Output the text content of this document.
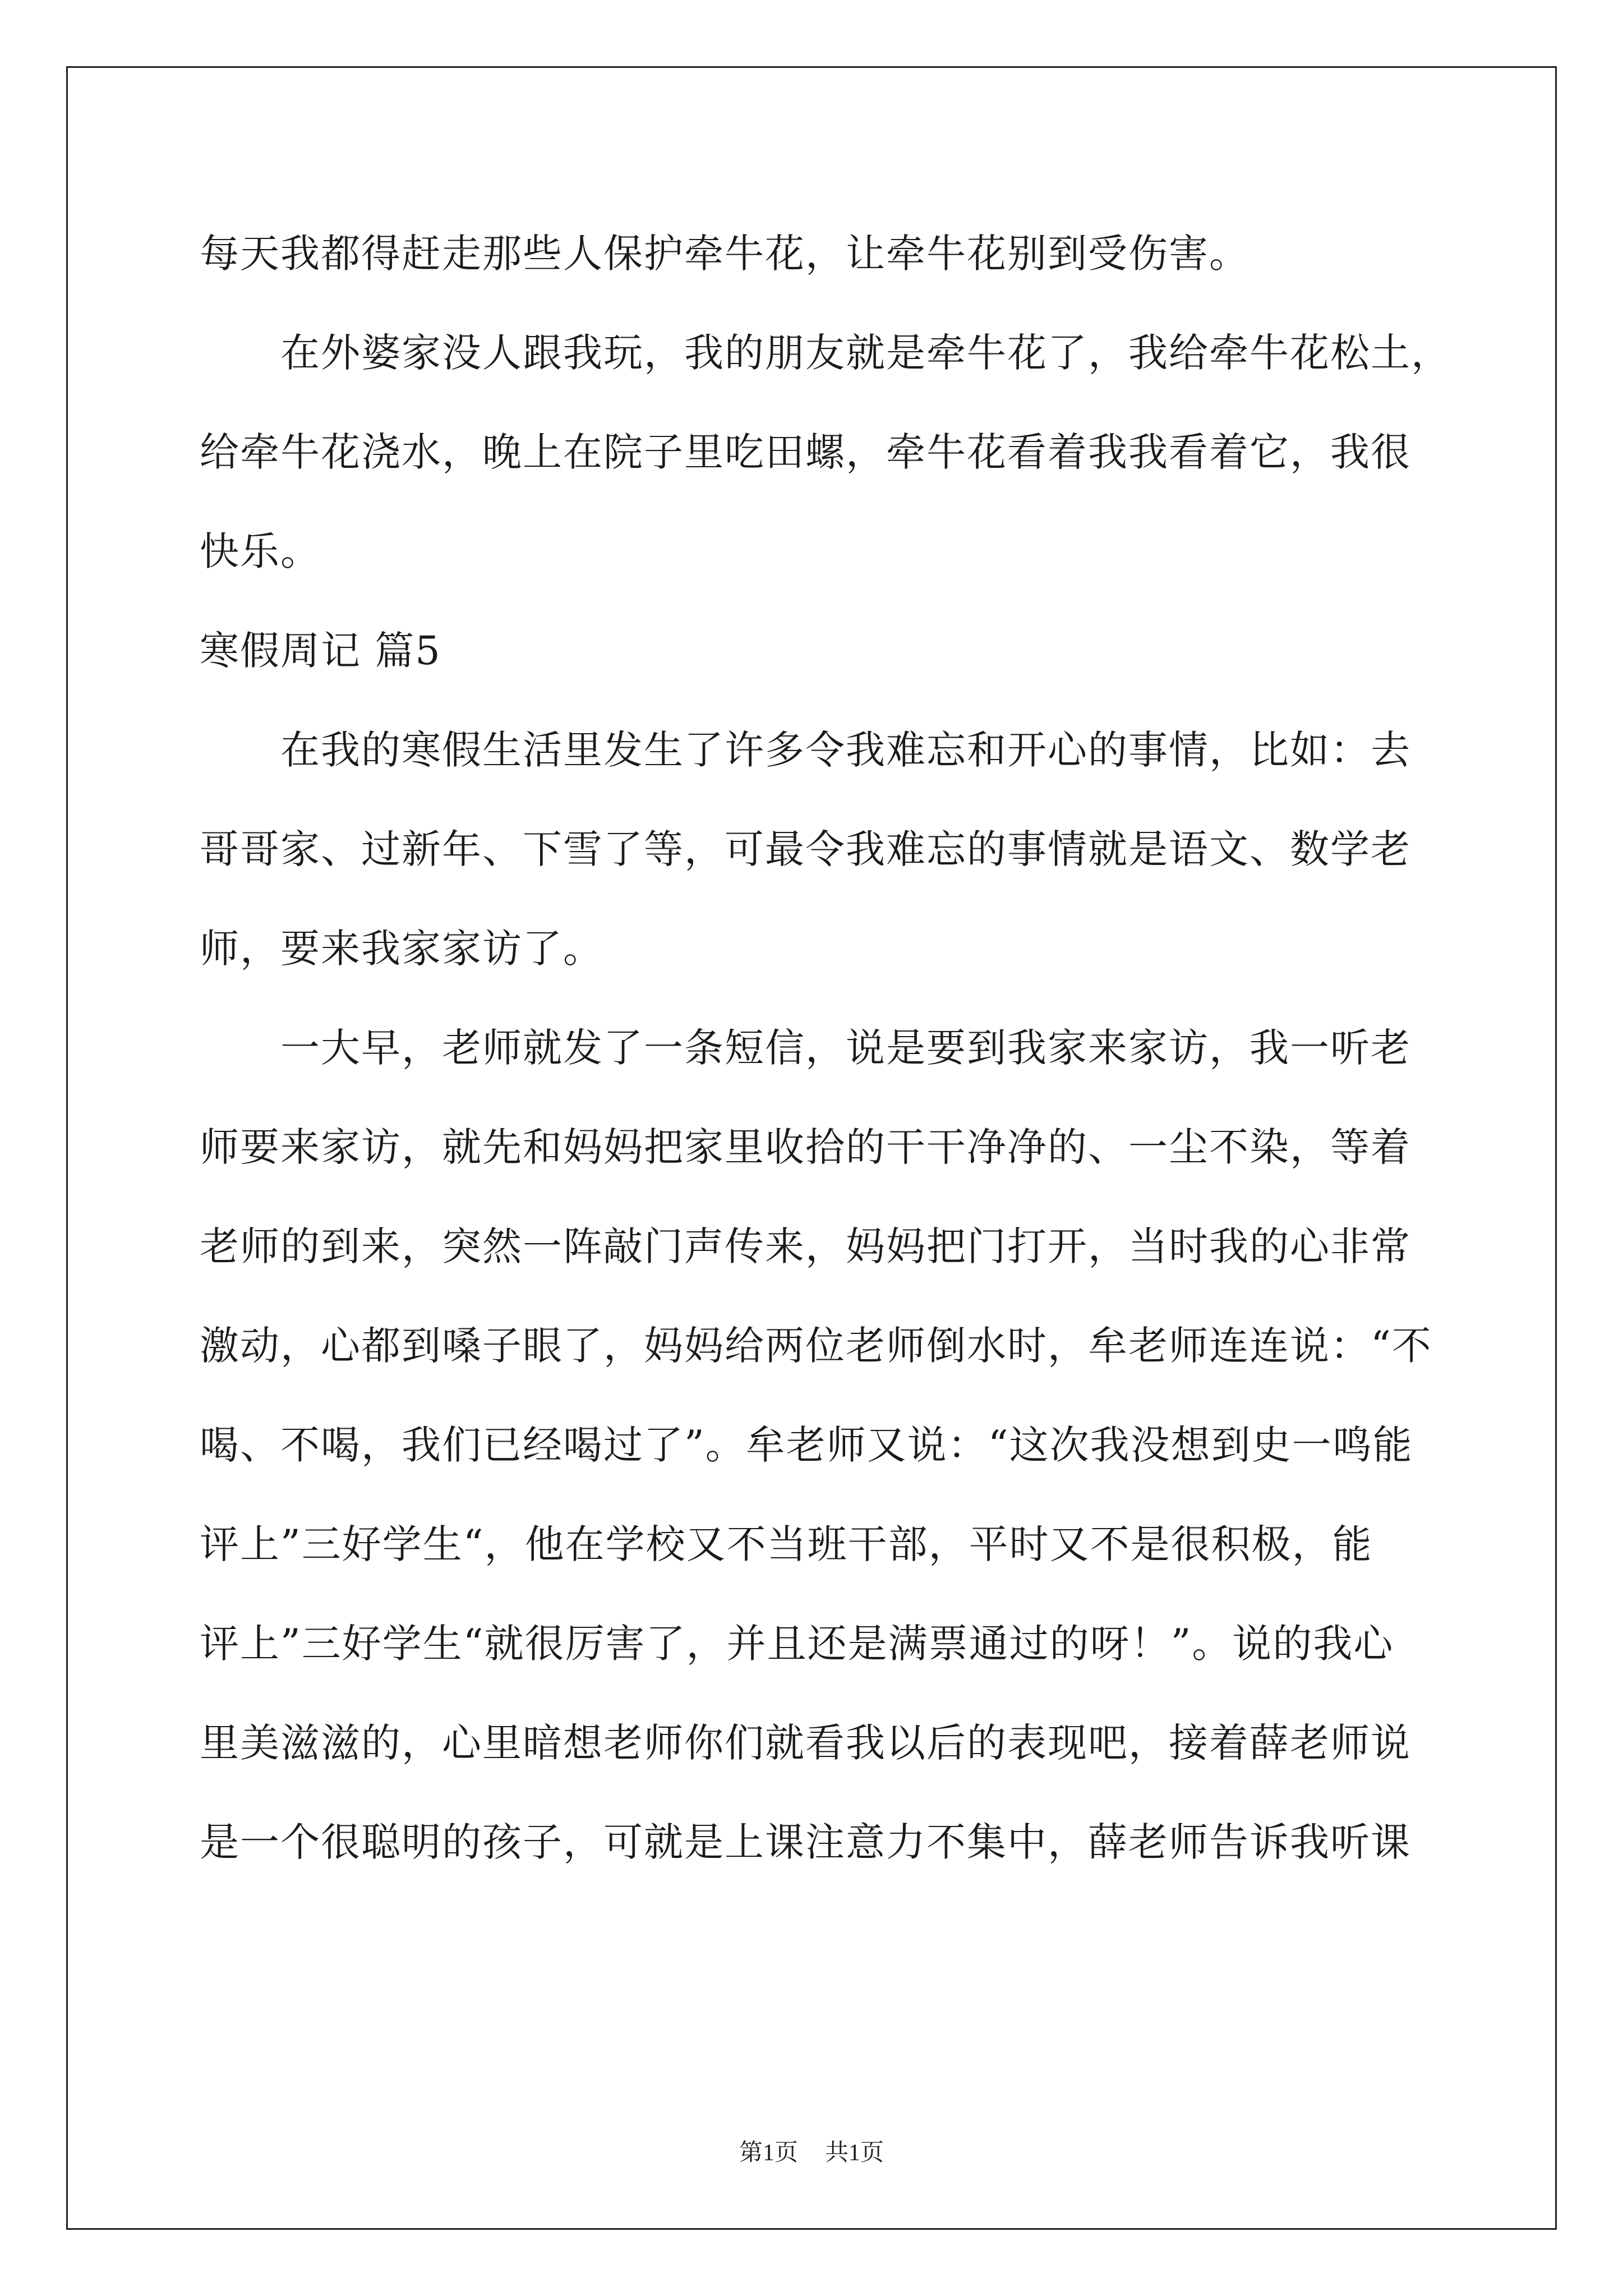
每天我都得赶走那些人保护牵牛花，让牵牛花别到受伤害。
　　在外婆家没人跟我玩，我的朋友就是牵牛花了，我给牵牛花松土，
给牵牛花浇水，晚上在院子里吃田螺，牵牛花看着我我看着它，我很
快乐。
寒假周记 篇5
　　在我的寒假生活里发生了许多令我难忘和开心的事情，比如：去
哥哥家、过新年、下雪了等，可最令我难忘的事情就是语文、数学老
师，要来我家家访了。
　　一大早，老师就发了一条短信，说是要到我家来家访，我一听老
师要来家访，就先和妈妈把家里收拾的干干净净的、一尘不染，等着
老师的到来，突然一阵敲门声传来，妈妈把门打开，当时我的心非常
激动，心都到嗓子眼了，妈妈给两位老师倒水时，牟老师连连说：“不
喝、不喝，我们已经喝过了”。牟老师又说：“这次我没想到史一鸣能
评上”三好学生“，他在学校又不当班干部，平时又不是很积极，能
评上”三好学生“就很厉害了，并且还是满票通过的呀！”。说的我心
里美滋滋的，心里暗想老师你们就看我以后的表现吧，接着薛老师说
是一个很聪明的孩子，可就是上课注意力不集中，薛老师告诉我听课
第1页 共1页
